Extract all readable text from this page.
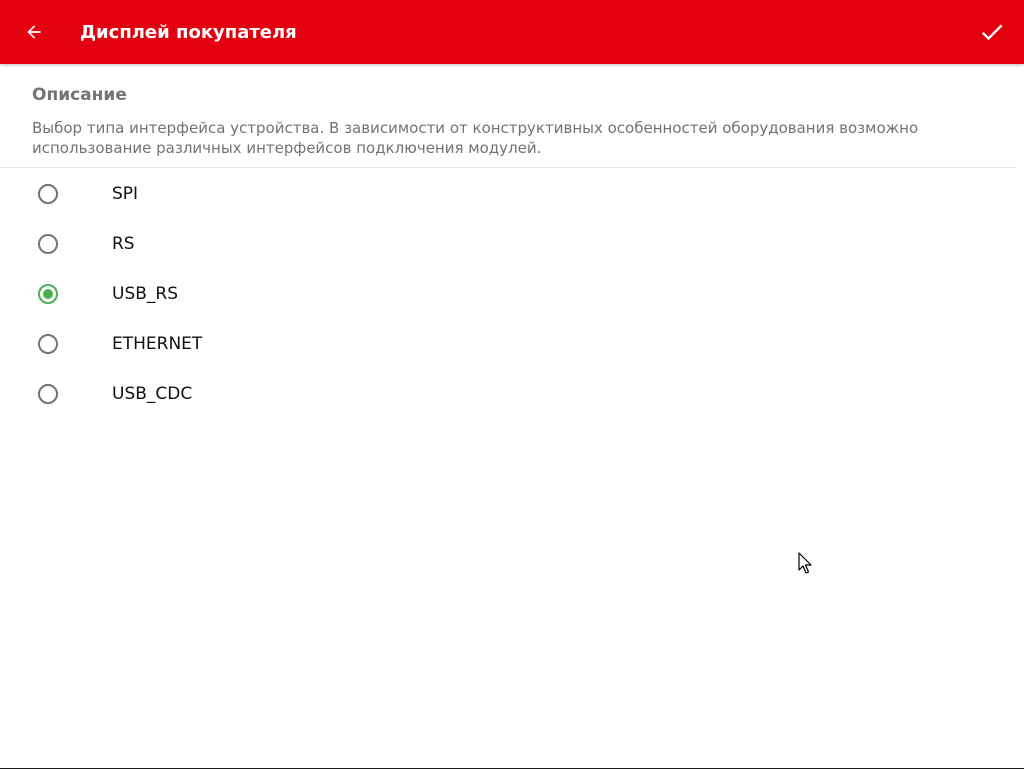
Дисплей покупателя
Описание
Выбор типа интерфейса устройства. В зависимости от конструктивных особенностей оборудования возможно использование различных интерфейсов подключения модулей.
SPI
RS
USB_RS
ETHERNET
USB_CDC
